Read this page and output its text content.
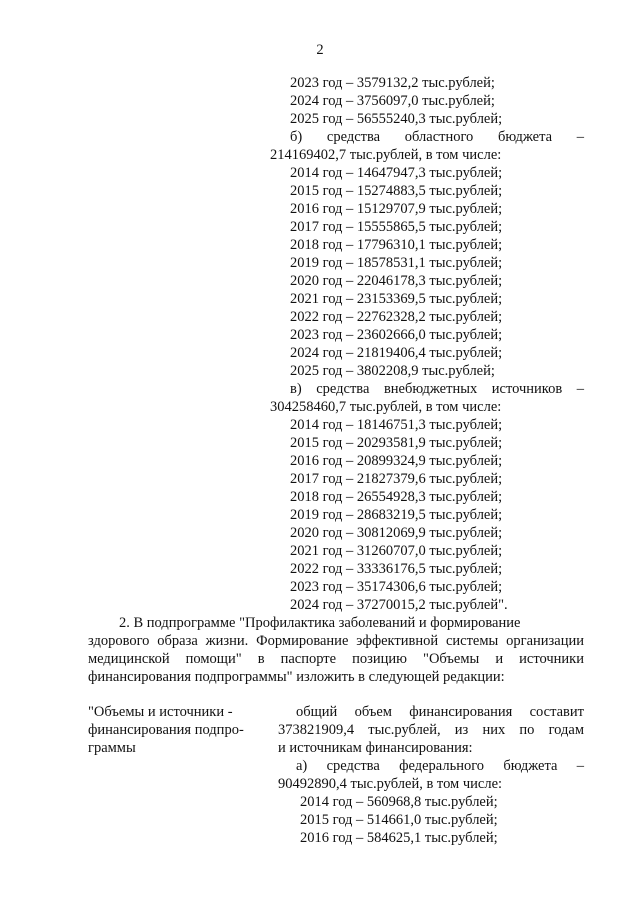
2
2023 год – 3579132,2 тыс.рублей;
2024 год – 3756097,0 тыс.рублей;
2025 год – 56555240,3 тыс.рублей;
б) средства областного бюджета –
214169402,7 тыс.рублей, в том числе:
2014 год – 14647947,3 тыс.рублей;
2015 год – 15274883,5 тыс.рублей;
2016 год – 15129707,9 тыс.рублей;
2017 год – 15555865,5 тыс.рублей;
2018 год – 17796310,1 тыс.рублей;
2019 год – 18578531,1 тыс.рублей;
2020 год – 22046178,3 тыс.рублей;
2021 год – 23153369,5 тыс.рублей;
2022 год – 22762328,2 тыс.рублей;
2023 год – 23602666,0 тыс.рублей;
2024 год – 21819406,4 тыс.рублей;
2025 год – 3802208,9 тыс.рублей;
в) средства внебюджетных источников –
304258460,7 тыс.рублей, в том числе:
2014 год – 18146751,3 тыс.рублей;
2015 год – 20293581,9 тыс.рублей;
2016 год – 20899324,9 тыс.рублей;
2017 год – 21827379,6 тыс.рублей;
2018 год – 26554928,3 тыс.рублей;
2019 год – 28683219,5 тыс.рублей;
2020 год – 30812069,9 тыс.рублей;
2021 год – 31260707,0 тыс.рублей;
2022 год – 33336176,5 тыс.рублей;
2023 год – 35174306,6 тыс.рублей;
2024 год – 37270015,2 тыс.рублей".
2. В подпрограмме "Профилактика заболеваний и формирование
здорового образа жизни. Формирование эффективной системы организации
медицинской помощи" в паспорте позицию "Объемы и источники
финансирования подпрограммы" изложить в следующей редакции:
"Объемы и источники -
финансирования подпро-
граммы
общий объем финансирования составит
373821909,4 тыс.рублей, из них по годам
и источникам финансирования:
а) средства федерального бюджета –
90492890,4 тыс.рублей, в том числе:
2014 год – 560968,8 тыс.рублей;
2015 год – 514661,0 тыс.рублей;
2016 год – 584625,1 тыс.рублей;
